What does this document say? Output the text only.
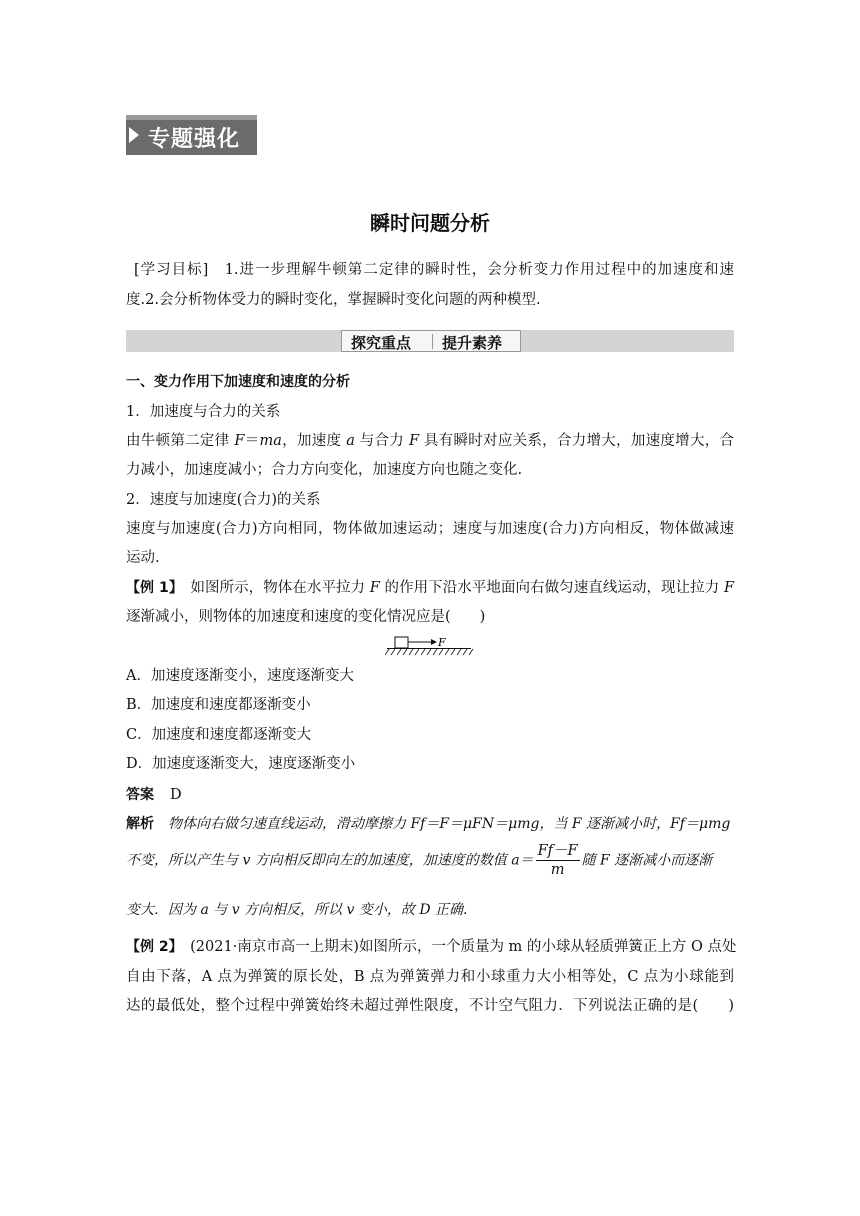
专题强化
瞬时问题分析
[学习目标]　1.进一步理解牛顿第二定律的瞬时性，会分析变力作用过程中的加速度和速
度.2.会分析物体受力的瞬时变化，掌握瞬时变化问题的两种模型.
探究重点 提升素养
一、变力作用下加速度和速度的分析
1．加速度与合力的关系
由牛顿第二定律 F＝ma，加速度 a 与合力 F 具有瞬时对应关系，合力增大，加速度增大，合
力减小，加速度减小；合力方向变化，加速度方向也随之变化.
2．速度与加速度(合力)的关系
速度与加速度(合力)方向相同，物体做加速运动；速度与加速度(合力)方向相反，物体做减速
运动.
【例 1】　如图所示，物体在水平拉力 F 的作用下沿水平地面向右做匀速直线运动，现让拉力 F
逐渐减小，则物体的加速度和速度的变化情况应是(　　)
F
A．加速度逐渐变小，速度逐渐变大
B．加速度和速度都逐渐变小
C．加速度和速度都逐渐变大
D．加速度逐渐变大，速度逐渐变小
答案 D
解析 物体向右做匀速直线运动，滑动摩擦力 Ff＝F＝μFN＝μmg，当 F 逐渐减小时，Ff＝μmg
不变，所以产生与 v 方向相反即向左的加速度，加速度的数值 $a= \frac{Ff-F}{m}$ 随 F 逐渐减小而逐渐
变大．因为 a 与 v 方向相反，所以 v 变小，故 D 正确.
【例 2】　(2021·南京市高一上期末)如图所示，一个质量为 m 的小球从轻质弹簧正上方 O 点处
自由下落，A 点为弹簧的原长处，B 点为弹簧弹力和小球重力大小相等处，C 点为小球能到
达的最低处，整个过程中弹簧始终未超过弹性限度，不计空气阻力．下列说法正确的是(　　)
